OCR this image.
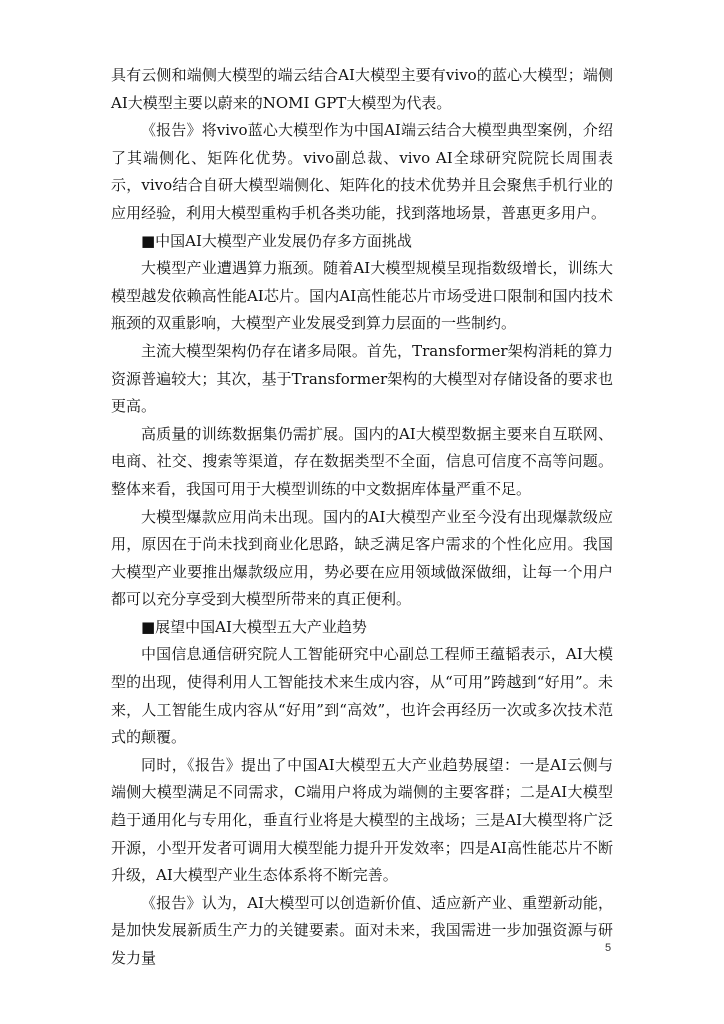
具有云侧和端侧大模型的端云结合AI大模型主要有vivo的蓝心大模型；端侧AI大模型主要以蔚来的NOMI GPT大模型为代表。

《报告》将vivo蓝心大模型作为中国AI端云结合大模型典型案例，介绍了其端侧化、矩阵化优势。vivo副总裁、vivo AI全球研究院院长周围表示，vivo结合自研大模型端侧化、矩阵化的技术优势并且会聚焦手机行业的应用经验，利用大模型重构手机各类功能，找到落地场景，普惠更多用户。

■中国AI大模型产业发展仍存多方面挑战

大模型产业遭遇算力瓶颈。随着AI大模型规模呈现指数级增长，训练大模型越发依赖高性能AI芯片。国内AI高性能芯片市场受进口限制和国内技术瓶颈的双重影响，大模型产业发展受到算力层面的一些制约。

主流大模型架构仍存在诸多局限。首先，Transformer架构消耗的算力资源普遍较大；其次，基于Transformer架构的大模型对存储设备的要求也更高。

高质量的训练数据集仍需扩展。国内的AI大模型数据主要来自互联网、电商、社交、搜索等渠道，存在数据类型不全面，信息可信度不高等问题。整体来看，我国可用于大模型训练的中文数据库体量严重不足。

大模型爆款应用尚未出现。国内的AI大模型产业至今没有出现爆款级应用，原因在于尚未找到商业化思路，缺乏满足客户需求的个性化应用。我国大模型产业要推出爆款级应用，势必要在应用领域做深做细，让每一个用户都可以充分享受到大模型所带来的真正便利。

■展望中国AI大模型五大产业趋势

中国信息通信研究院人工智能研究中心副总工程师王蕴韬表示，AI大模型的出现，使得利用人工智能技术来生成内容，从“可用”跨越到“好用”。未来，人工智能生成内容从“好用”到“高效”，也许会再经历一次或多次技术范式的颠覆。

同时，《报告》提出了中国AI大模型五大产业趋势展望：一是AI云侧与端侧大模型满足不同需求，C端用户将成为端侧的主要客群；二是AI大模型趋于通用化与专用化，垂直行业将是大模型的主战场；三是AI大模型将广泛开源，小型开发者可调用大模型能力提升开发效率；四是AI高性能芯片不断升级，AI大模型产业生态体系将不断完善。

《报告》认为，AI大模型可以创造新价值、适应新产业、重塑新动能，是加快发展新质生产力的关键要素。面对未来，我国需进一步加强资源与研发力量

5
